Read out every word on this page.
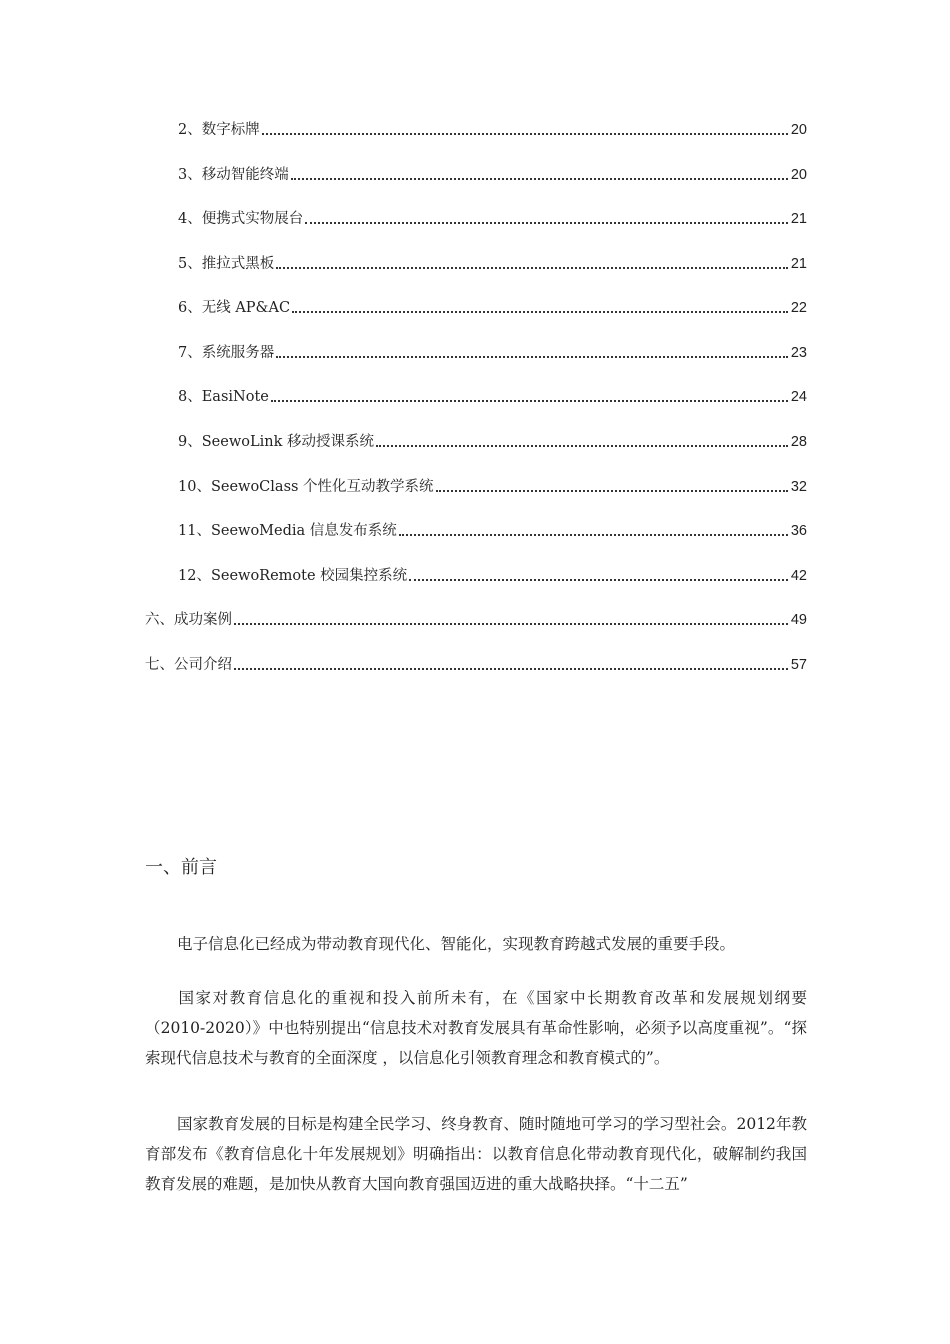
2、数字标牌	20
3、移动智能终端	20
4、便携式实物展台	21
5、推拉式黑板	21
6、无线 AP&AC	22
7、系统服务器	23
8、EasiNote	24
9、SeewoLink 移动授课系统	28
10、SeewoClass 个性化互动教学系统	32
11、SeewoMedia 信息发布系统	36
12、SeewoRemote 校园集控系统	42
六、成功案例	49
七、公司介绍	57
一、前言

电子信息化已经成为带动教育现代化、智能化，实现教育跨越式发展的重要手段。

国家对教育信息化的重视和投入前所未有，在《国家中长期教育改革和发展规划纲要（2010-2020）》中也特别提出“信息技术对教育发展具有革命性影响，必须予以高度重视”。“探索现代信息技术与教育的全面深度 ，以信息化引领教育理念和教育模式的”。

国家教育发展的目标是构建全民学习、终身教育、随时随地可学习的学习型社会。2012年教育部发布《教育信息化十年发展规划》明确指出：以教育信息化带动教育现代化，破解制约我国教育发展的难题，是加快从教育大国向教育强国迈进的重大战略抉择。“十二五”
